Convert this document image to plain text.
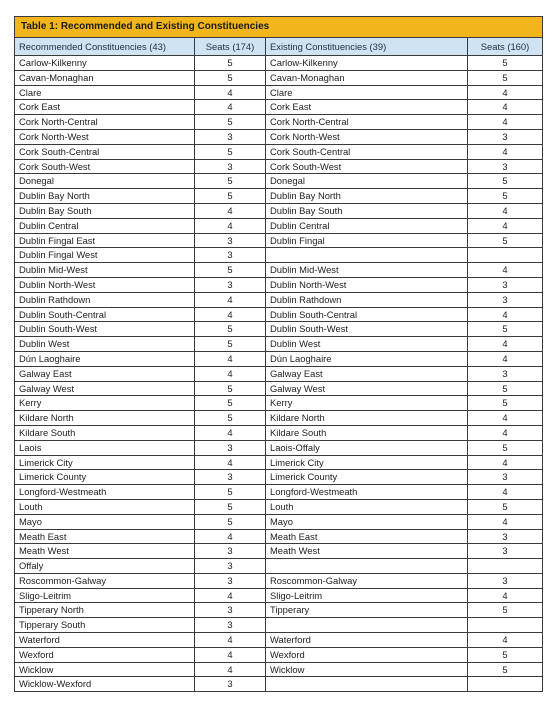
Table 1: Recommended and Existing Constituencies			
Recommended Constituencies (43)	Seats (174)	Existing Constituencies (39)	Seats (160)
Carlow-Kilkenny	5	Carlow-Kilkenny	5
Cavan-Monaghan	5	Cavan-Monaghan	5
Clare	4	Clare	4
Cork East	4	Cork East	4
Cork North-Central	5	Cork North-Central	4
Cork North-West	3	Cork North-West	3
Cork South-Central	5	Cork South-Central	4
Cork South-West	3	Cork South-West	3
Donegal	5	Donegal	5
Dublin Bay North	5	Dublin Bay North	5
Dublin Bay South	4	Dublin Bay South	4
Dublin Central	4	Dublin Central	4
Dublin Fingal East	3	Dublin Fingal	5
Dublin Fingal West	3		
Dublin Mid-West	5	Dublin Mid-West	4
Dublin North-West	3	Dublin North-West	3
Dublin Rathdown	4	Dublin Rathdown	3
Dublin South-Central	4	Dublin South-Central	4
Dublin South-West	5	Dublin South-West	5
Dublin West	5	Dublin West	4
Dún Laoghaire	4	Dún Laoghaire	4
Galway East	4	Galway East	3
Galway West	5	Galway West	5
Kerry	5	Kerry	5
Kildare North	5	Kildare North	4
Kildare South	4	Kildare South	4
Laois	3	Laois-Offaly	5
Limerick City	4	Limerick City	4
Limerick County	3	Limerick County	3
Longford-Westmeath	5	Longford-Westmeath	4
Louth	5	Louth	5
Mayo	5	Mayo	4
Meath East	4	Meath East	3
Meath West	3	Meath West	3
Offaly	3		
Roscommon-Galway	3	Roscommon-Galway	3
Sligo-Leitrim	4	Sligo-Leitrim	4
Tipperary North	3	Tipperary	5
Tipperary South	3		
Waterford	4	Waterford	4
Wexford	4	Wexford	5
Wicklow	4	Wicklow	5
Wicklow-Wexford	3		
